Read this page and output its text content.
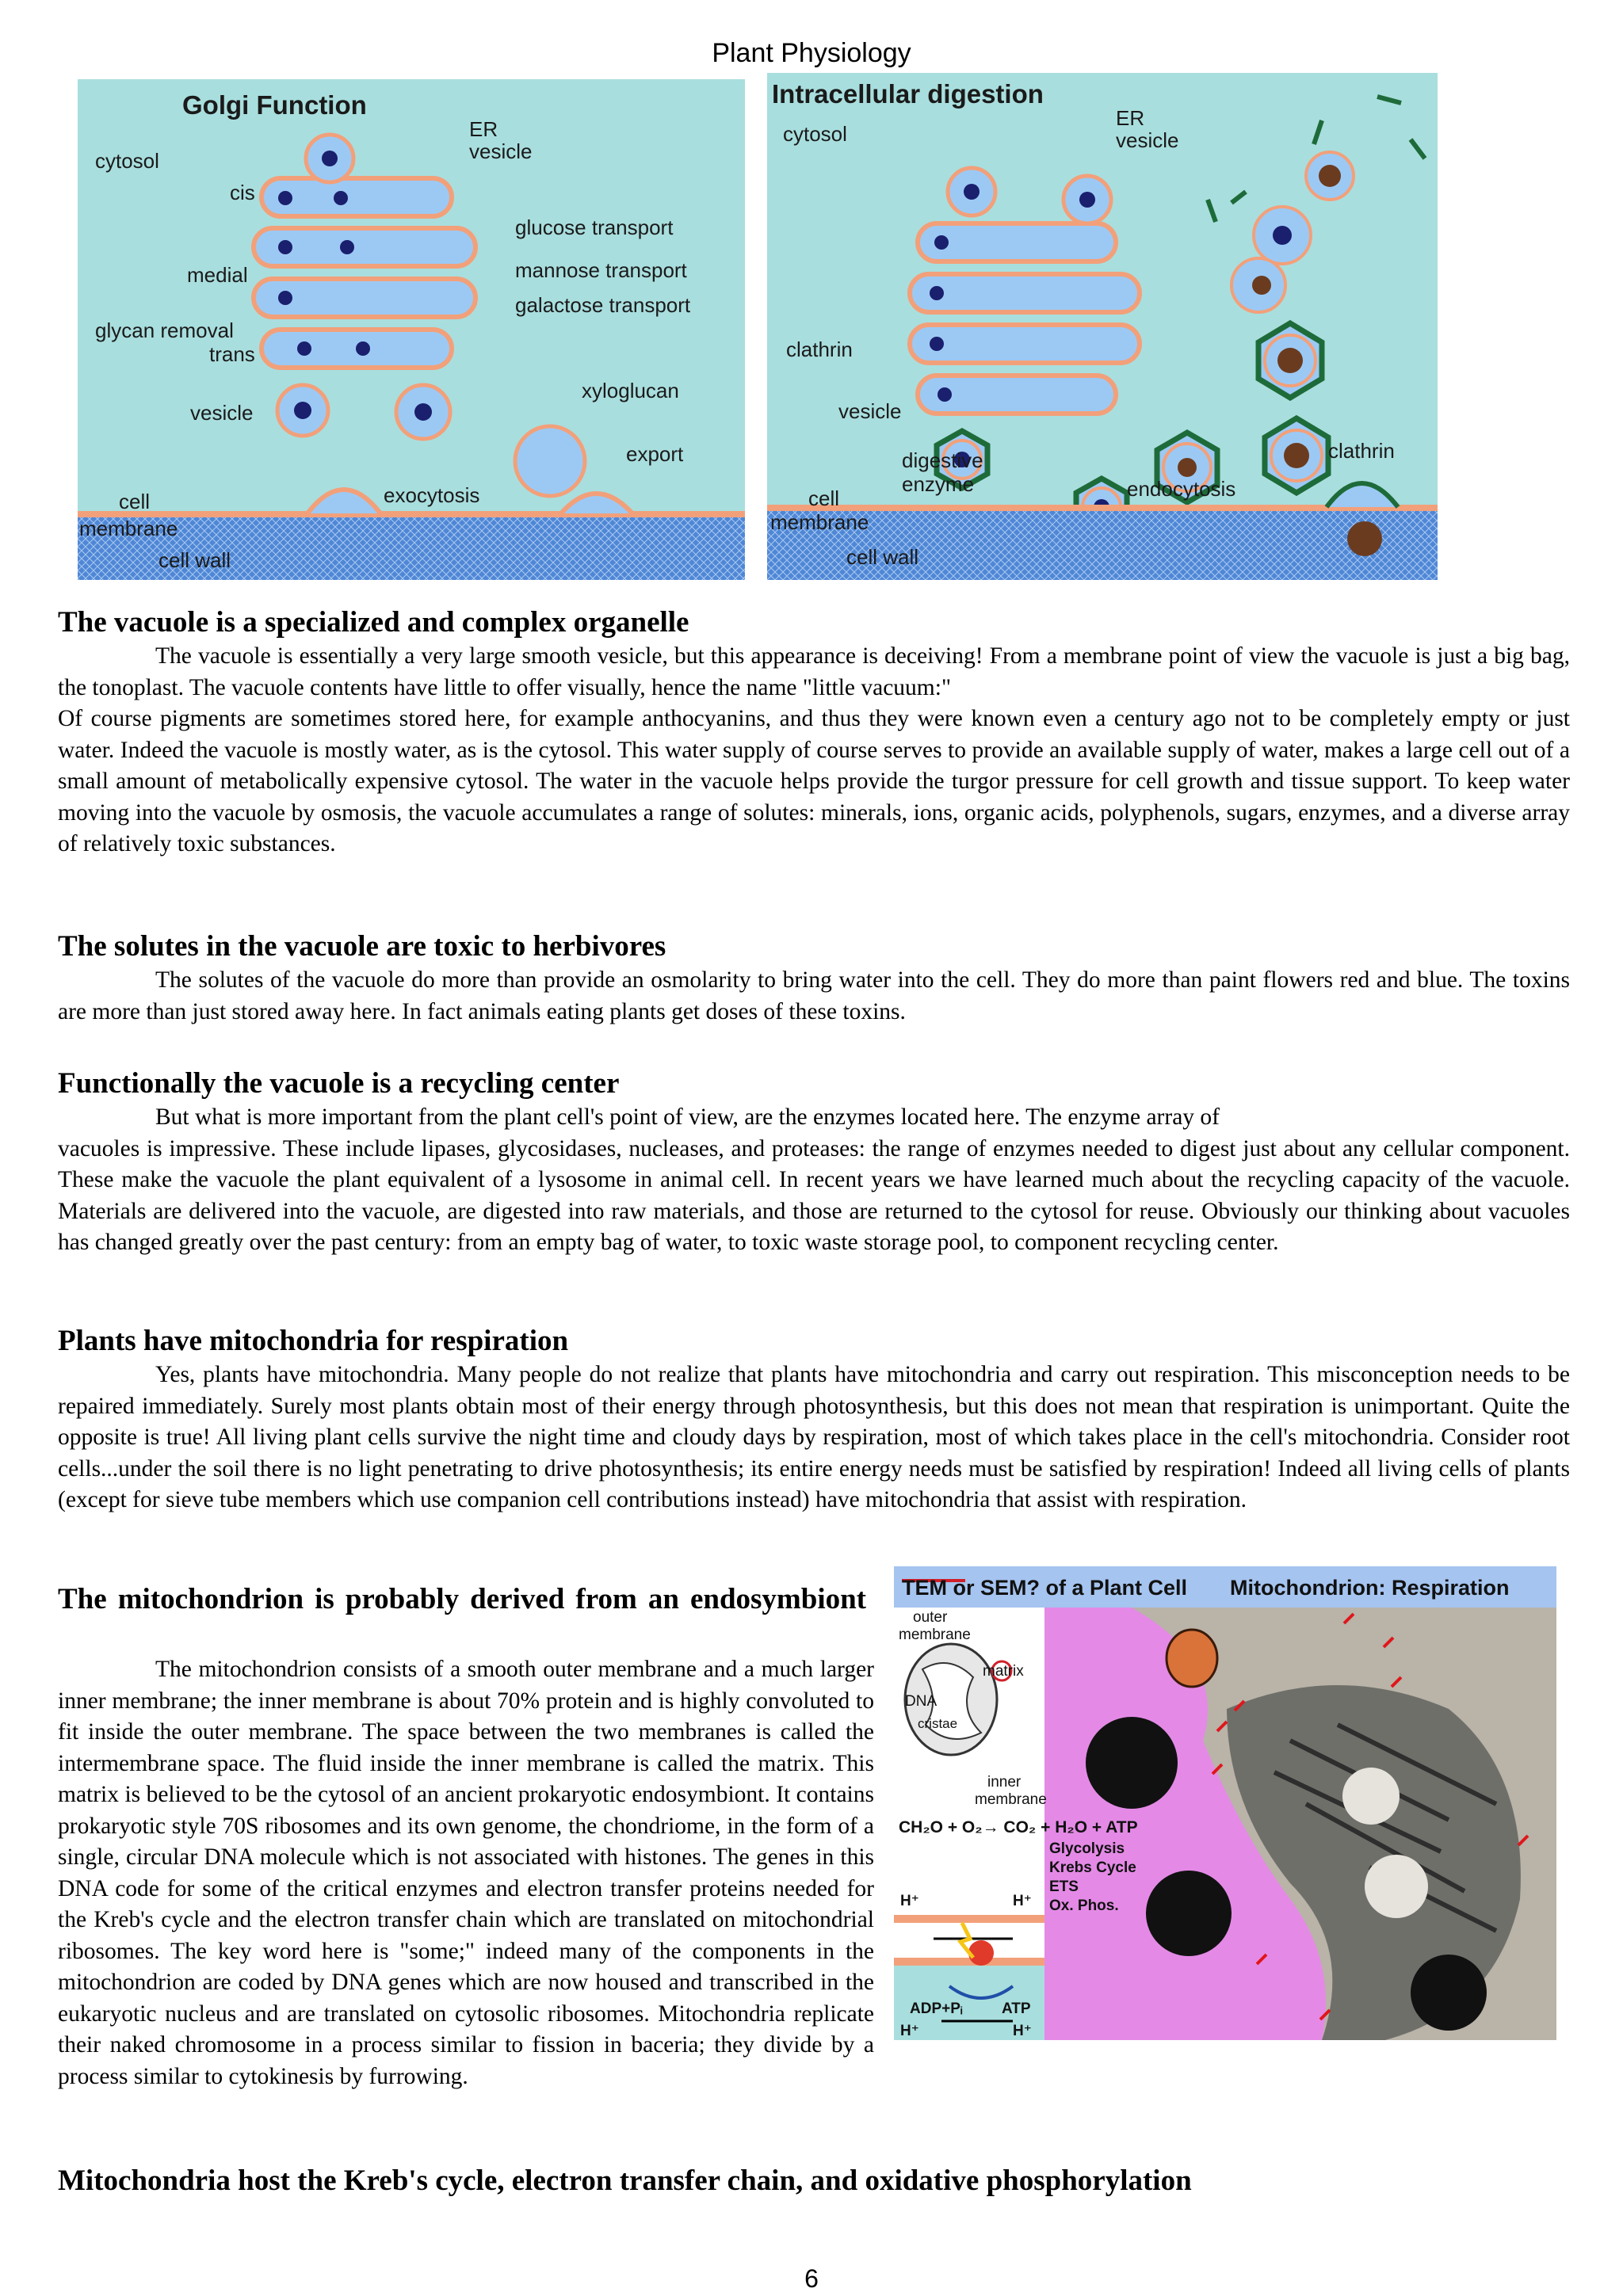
Plant Physiology
Golgi Function
cytosol
ER
vesicle
cis
medial
glycan removal
trans
vesicle
glucose transport
mannose transport
galactose transport
xyloglucan
export
exocytosis
cell
membrane
cell wall
Intracellular digestion
cytosol
ER
vesicle
clathrin
vesicle
digestive
enzyme	endocytosis
clathrin
cell
membrane
cell wall
The vacuole is a specialized and complex organelle

The vacuole is essentially a very large smooth vesicle, but this appearance is deceiving! From a membrane point of view the vacuole is just a big bag, the tonoplast. The vacuole contents have little to offer visually, hence the name "little vacuum:"

Of course pigments are sometimes stored here, for example anthocyanins, and thus they were known even a century ago not to be completely empty or just water. Indeed the vacuole is mostly water, as is the cytosol. This water supply of course serves to provide an available supply of water, makes a large cell out of a small amount of metabolically expensive cytosol. The water in the vacuole helps provide the turgor pressure for cell growth and tissue support. To keep water moving into the vacuole by osmosis, the vacuole accumulates a range of solutes: minerals, ions, organic acids, polyphenols, sugars, enzymes, and a diverse array of relatively toxic substances.

The solutes in the vacuole are toxic to herbivores

The solutes of the vacuole do more than provide an osmolarity to bring water into the cell. They do more than paint flowers red and blue. The toxins are more than just stored away here. In fact animals eating plants get doses of these toxins.

Functionally the vacuole is a recycling center

But what is more important from the plant cell's point of view, are the enzymes located here. The enzyme array of

vacuoles is impressive. These include lipases, glycosidases, nucleases, and proteases: the range of enzymes needed to digest just about any cellular component. These make the vacuole the plant equivalent of a lysosome in animal cell. In recent years we have learned much about the recycling capacity of the vacuole. Materials are delivered into the vacuole, are digested into raw materials, and those are returned to the cytosol for reuse. Obviously our thinking about vacuoles has changed greatly over the past century: from an empty bag of water, to toxic waste storage pool, to component recycling center.

Plants have mitochondria for respiration

Yes, plants have mitochondria. Many people do not realize that plants have mitochondria and carry out respiration. This misconception needs to be repaired immediately. Surely most plants obtain most of their energy through photosynthesis, but this does not mean that respiration is unimportant. Quite the opposite is true! All living plant cells survive the night time and cloudy days by respiration, most of which takes place in the cell's mitochondria. Consider root cells...under the soil there is no light penetrating to drive photosynthesis; its entire energy needs must be satisfied by respiration! Indeed all living cells of plants (except for sieve tube members which use companion cell contributions instead) have mitochondria that assist with respiration.

TEM or SEM? of a Plant Cell Mitochondrion: Respiration
outer
membrane
matrix
DNA
cristae
inner
membrane
CH₂O + O₂→ CO₂ + H₂O + ATP
Glycolysis
Krebs Cycle
ETS
Ox. Phos.
H⁺	H⁺
ADP+Pᵢ	ATP
H⁺	H⁺
The mitochondrion is probably derived from an endosymbiont

The mitochondrion consists of a smooth outer membrane and a much larger inner membrane; the inner membrane is about 70% protein and is highly convoluted to fit inside the outer membrane. The space between the two membranes is called the intermembrane space. The fluid inside the inner membrane is called the matrix. This matrix is believed to be the cytosol of an ancient prokaryotic endosymbiont. It contains prokaryotic style 70S ribosomes and its own genome, the chondriome, in the form of a single, circular DNA molecule which is not associated with histones. The genes in this DNA code for some of the critical enzymes and electron transfer proteins needed for the Kreb's cycle and the electron transfer chain which are translated on mitochondrial ribosomes. The key word here is "some;" indeed many of the components in the mitochondrion are coded by DNA genes which are now housed and transcribed in the eukaryotic nucleus and are translated on cytosolic ribosomes. Mitochondria replicate their naked chromosome in a process similar to fission in baceria; they divide by a process similar to cytokinesis by furrowing.

Mitochondria host the Kreb's cycle, electron transfer chain, and oxidative phosphorylation
6
